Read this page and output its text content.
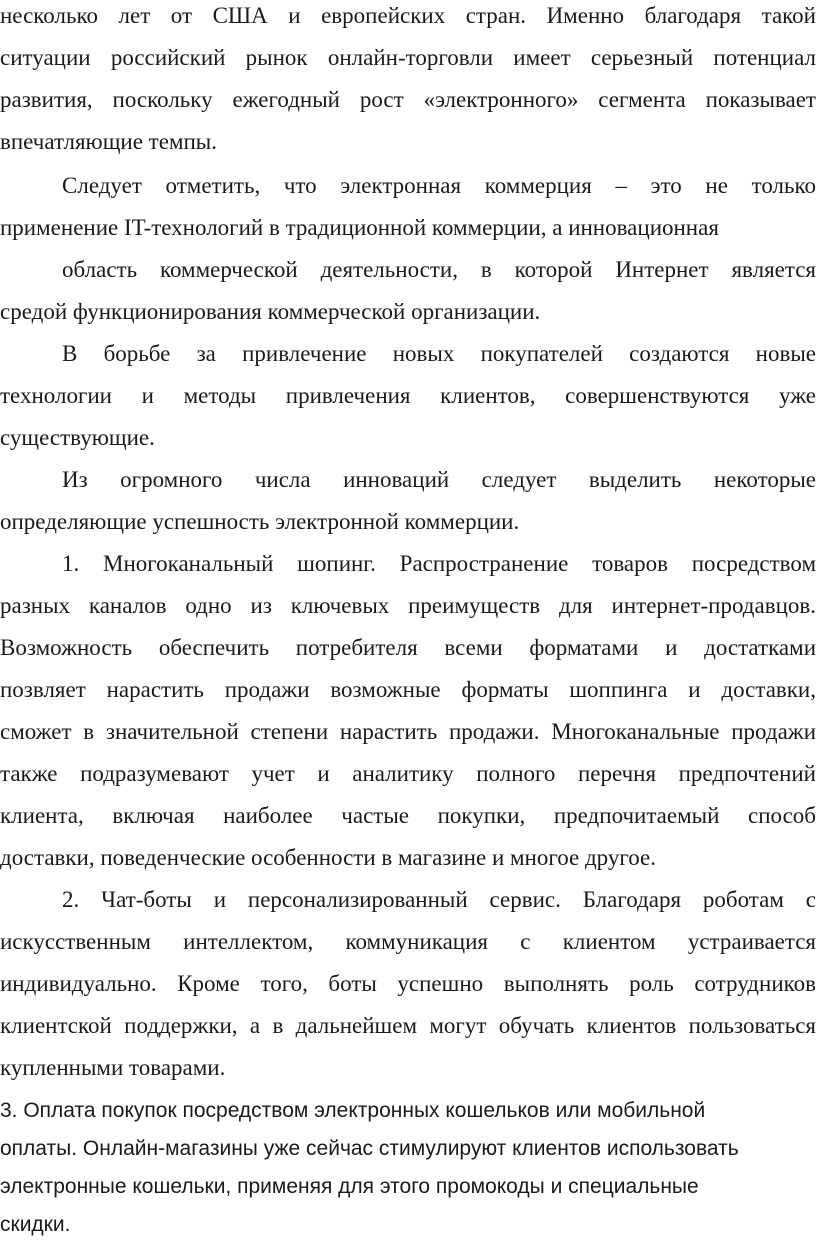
несколько лет от США и европейских стран. Именно благодаря такой

ситуации российский рынок онлайн-торговли имеет серьезный потенциал

развития, поскольку ежегодный рост «электронного» сегмента показывает

впечатляющие темпы.

Следует отметить, что электронная коммерция – это не только

применение IT-технологий в традиционной коммерции, а инновационная

область коммерческой деятельности, в которой Интернет является

средой функционирования коммерческой организации.

В борьбе за привлечение новых покупателей создаются новые

технологии и методы привлечения клиентов, совершенствуются уже

существующие.

Из огромного числа инноваций следует выделить некоторые

определяющие успешность электронной коммерции.

1. Многоканальный шопинг. Распространение товаров посредством

разных каналов одно из ключевых преимуществ для интернет-продавцов.

Возможность обеспечить потребителя всеми форматами и достатками

позвляет нарастить продажи возможные форматы шоппинга и доставки,

сможет в значительной степени нарастить продажи. Многоканальные продажи

также подразумевают учет и аналитику полного перечня предпочтений

клиента, включая наиболее частые покупки, предпочитаемый способ

доставки, поведенческие особенности в магазине и многое другое.

2. Чат-боты и персонализированный сервис. Благодаря роботам с

искусственным интеллектом, коммуникация с клиентом устраивается

индивидуально. Кроме того, боты успешно выполнять роль сотрудников

клиентской поддержки, а в дальнейшем могут обучать клиентов пользоваться

купленными товарами.

3. Оплата покупок посредством электронных кошельков или мобильной

оплаты. Онлайн-магазины уже сейчас стимулируют клиентов использовать

электронные кошельки, применяя для этого промокоды и специальные

скидки.
